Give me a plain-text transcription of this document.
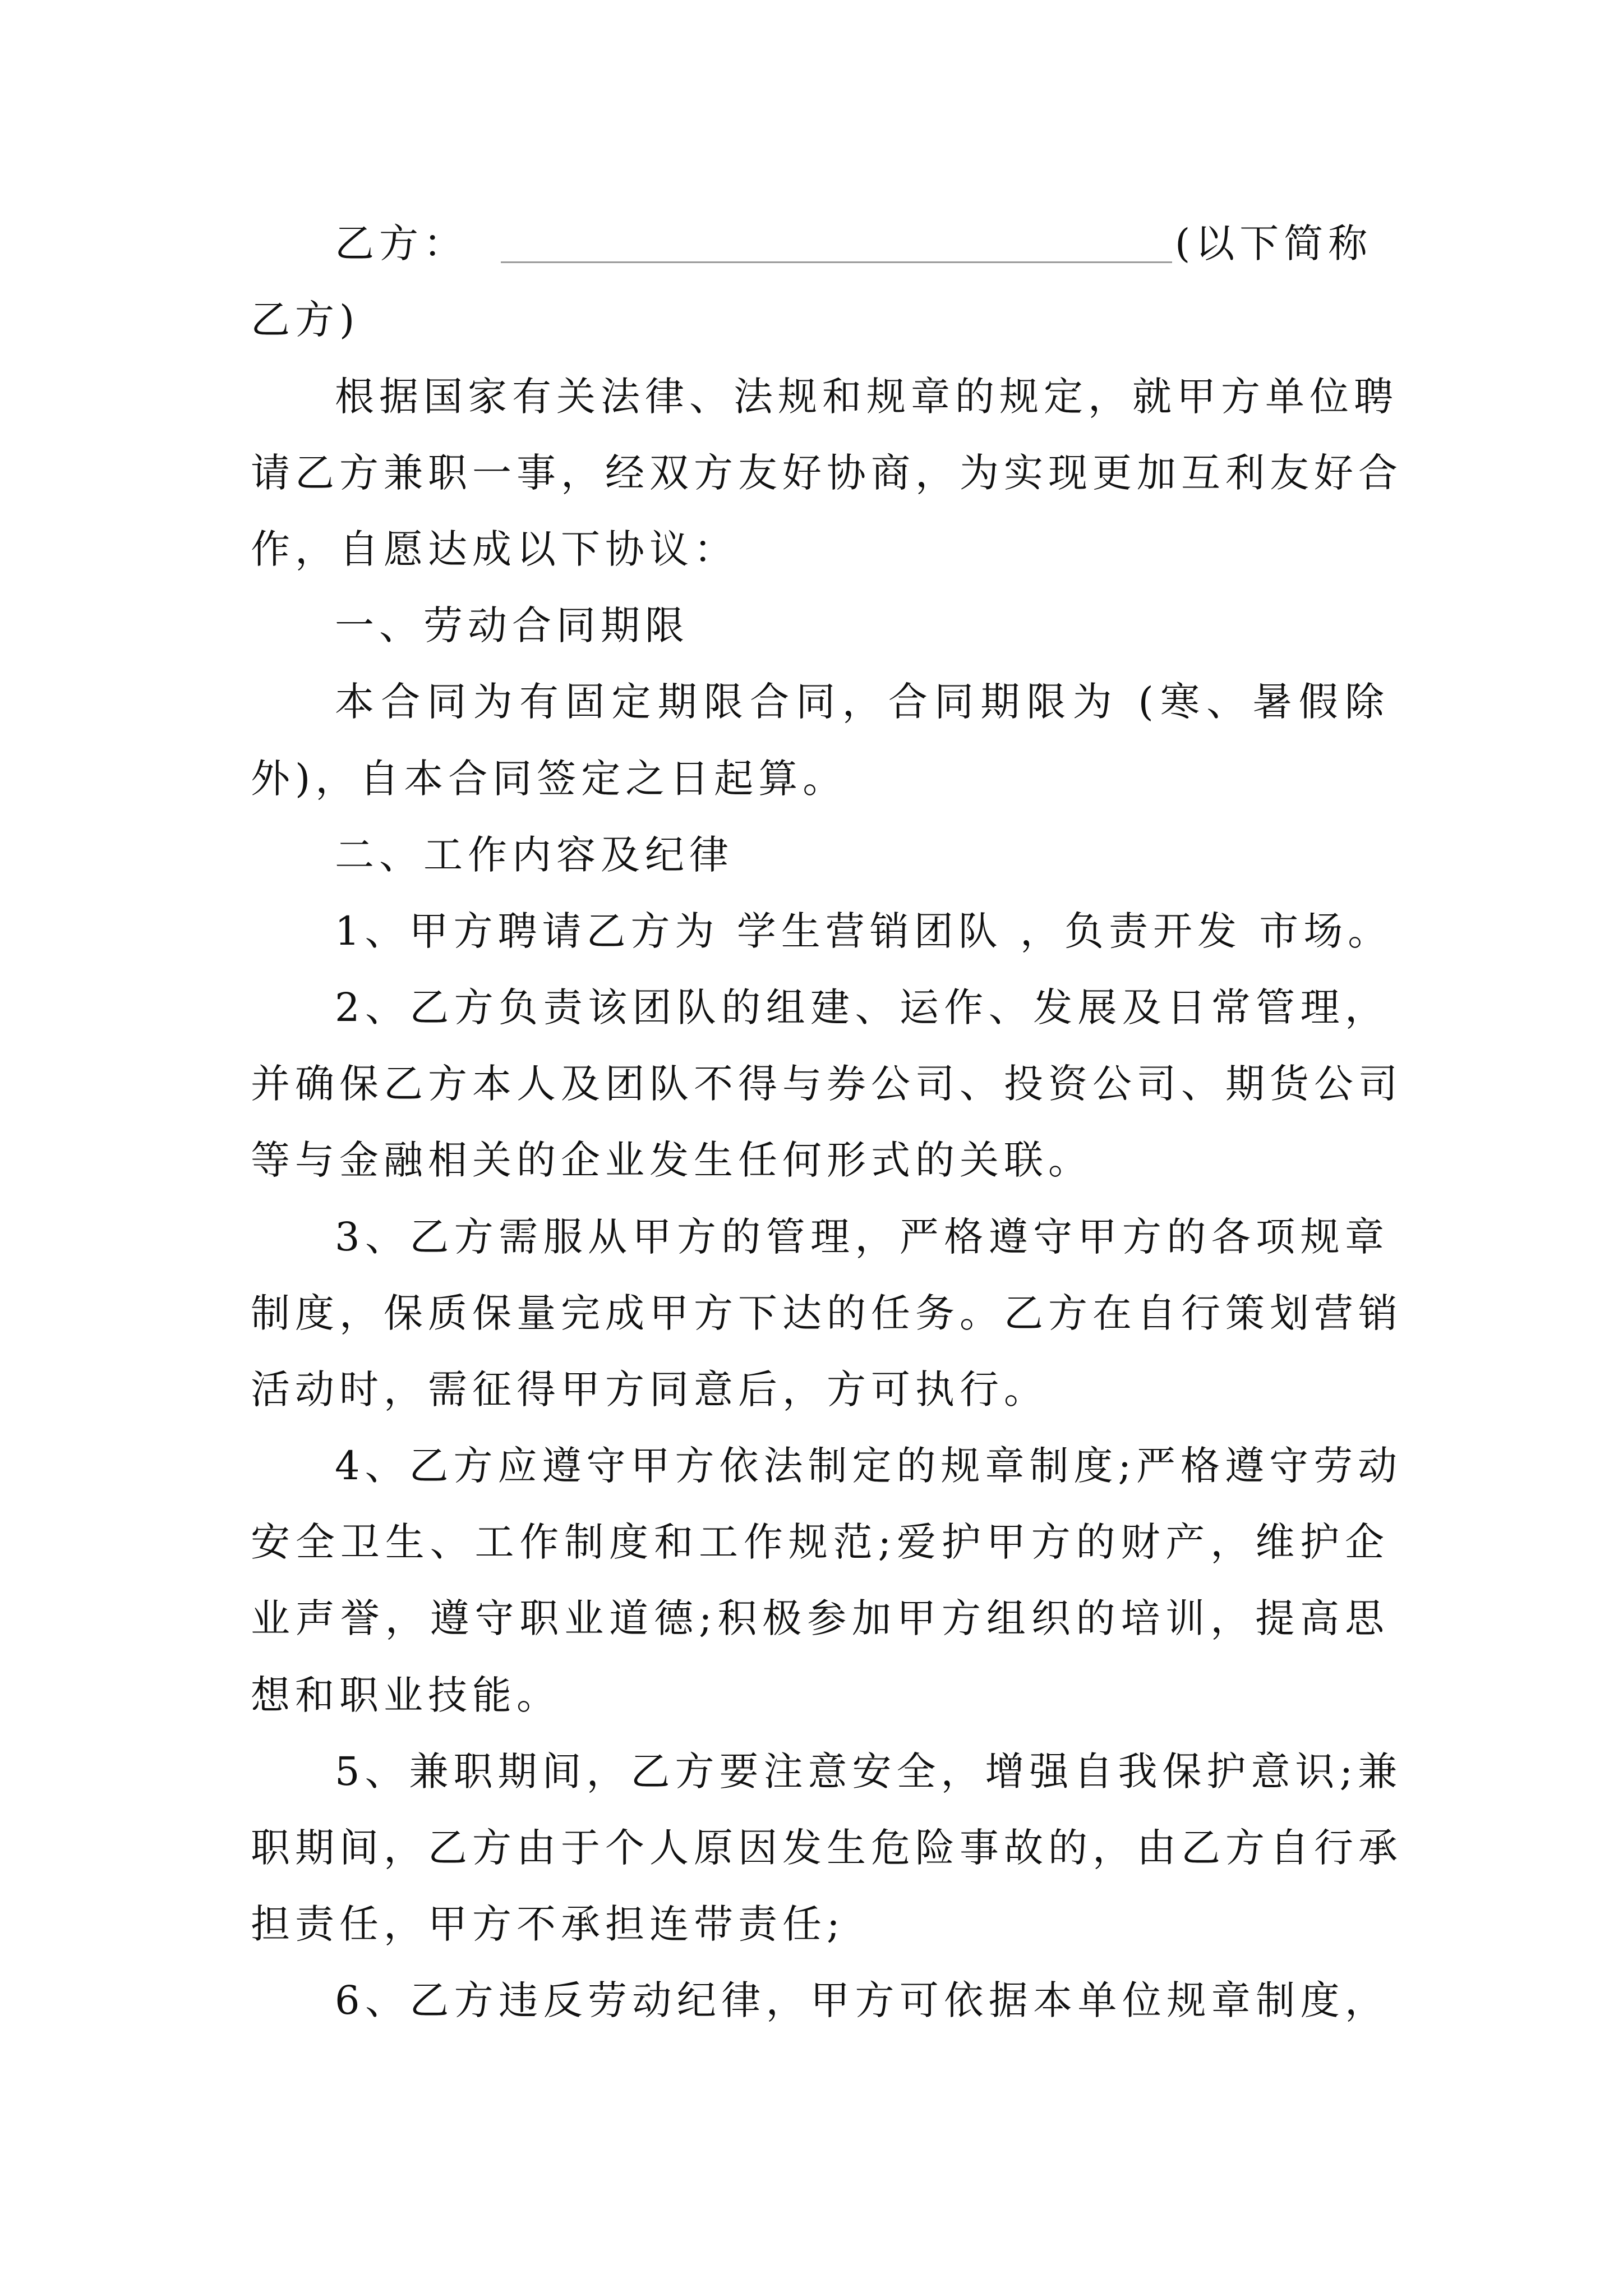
乙方：	(以下简称
乙方)
根据国家有关法律、法规和规章的规定，就甲方单位聘
请乙方兼职一事，经双方友好协商，为实现更加互利友好合
作，自愿达成以下协议：
一、劳动合同期限
本合同为有固定期限合同，合同期限为 (寒、暑假除
外)，自本合同签定之日起算。
二、工作内容及纪律
1、甲方聘请乙方为 学生营销团队 ，负责开发 市场。
2、乙方负责该团队的组建、运作、发展及日常管理，
并确保乙方本人及团队不得与券公司、投资公司、期货公司
等与金融相关的企业发生任何形式的关联。
3、乙方需服从甲方的管理，严格遵守甲方的各项规章
制度，保质保量完成甲方下达的任务。乙方在自行策划营销
活动时，需征得甲方同意后，方可执行。
4、乙方应遵守甲方依法制定的规章制度;严格遵守劳动
安全卫生、工作制度和工作规范;爱护甲方的财产，维护企
业声誉，遵守职业道德;积极参加甲方组织的培训，提高思
想和职业技能。
5、兼职期间，乙方要注意安全，增强自我保护意识;兼
职期间，乙方由于个人原因发生危险事故的，由乙方自行承
担责任，甲方不承担连带责任;
6、乙方违反劳动纪律，甲方可依据本单位规章制度，
